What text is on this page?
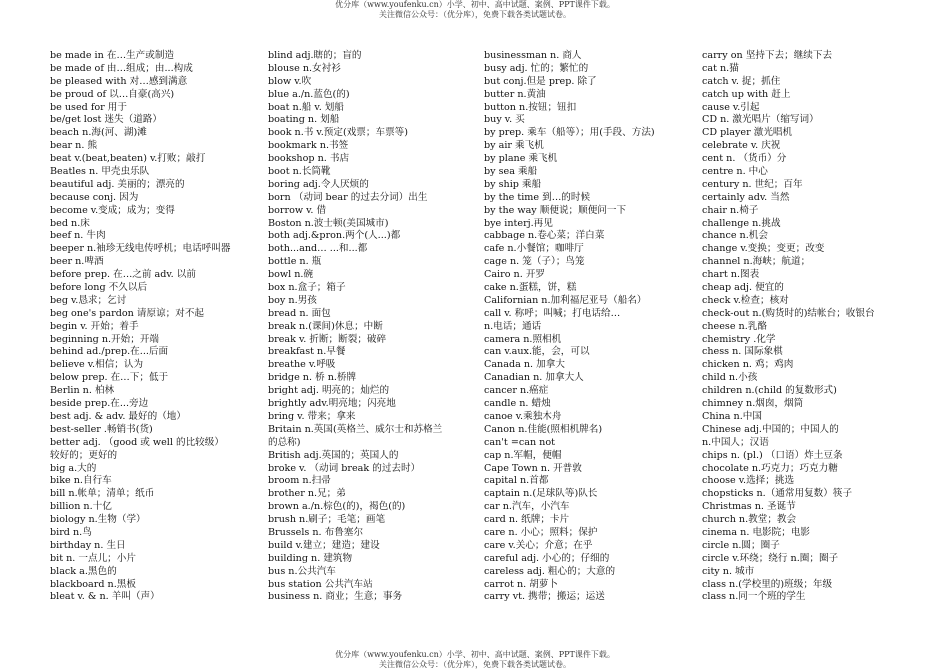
优分库（www.youfenku.cn）小学、初中、高中试题、案例、PPT课件下载。
关注微信公众号：（优分库），免费下载各类试题试卷。
be made in 在…生产或制造
be made of 由…组成；由...构成
be pleased with 对…感到满意
be proud of 以…自豪(高兴)
be used for 用于
be/get lost 迷失（道路）
beach n.海(河、湖)滩
bear n. 熊
beat v.(beat,beaten) v.打败；敲打
Beatles n. 甲壳虫乐队
beautiful adj. 美丽的；漂亮的
because conj. 因为
become v.变成；成为；变得
bed n.床
beef n. 牛肉
beeper n.袖珍无线电传呼机；电话呼叫器
beer n.啤酒
before prep. 在…之前 adv. 以前
before long 不久以后
beg v.恳求；乞讨
beg one's pardon 请原谅；对不起
begin v. 开始；着手
beginning n.开始；开端
behind ad./prep.在...后面
believe v.相信；认为
below prep. 在…下；低于
Berlin n. 柏林
beside prep.在...旁边
best adj. & adv. 最好的（地）
best-seller .畅销书(货)
better adj. （good 或 well 的比较级）
较好的；更好的
big a.大的
bike n.自行车
bill n.帐单；清单；纸币
billion n.十亿
biology n.生物（学）
bird n.鸟
birthday n. 生日
bit n. 一点儿；小片
black a.黑色的
blackboard n.黑板
bleat v. & n. 羊叫（声）
blind adj.瞎的；盲的
blouse n.女衬衫
blow v.吹
blue a./n.蓝色(的)
boat n.船 v. 划船
boating n. 划船
book n.书 v.预定(戏票；车票等)
bookmark n.书签
bookshop n. 书店
boot n.长筒靴
boring adj.令人厌烦的
born （动词 bear 的过去分词）出生
borrow v. 借
Boston n.波士顿(美国城市)
both adj.&pron.两个(人...)都
both...and… ...和...都
bottle n. 瓶
bowl n.碗
box n.盒子；箱子
boy n.男孩
bread n. 面包
break n.(课间)休息；中断
break v. 折断；断裂；破碎
breakfast n.早餐
breathe v.呼吸
bridge n. 桥 n.桥牌
bright adj. 明亮的；灿烂的
brightly adv.明亮地；闪亮地
bring v. 带来；拿来
Britain n.英国(英格兰、威尔士和苏格兰
的总称)
British adj.英国的；英国人的
broke v. （动词 break 的过去时）
broom n.扫帚
brother n.兄；弟
brown a./n.棕色(的)，褐色(的)
brush n.刷子；毛笔；画笔
Brussels n. 布鲁塞尔
build v.建立；建造；建设
building n. 建筑物
bus n.公共汽车
bus station 公共汽车站
business n. 商业；生意；事务
businessman n. 商人
busy adj. 忙的；繁忙的
but conj.但是 prep. 除了
butter n.黄油
button n.按钮；钮扣
buy v. 买
by prep. 乘车（船等）；用(手段、方法)
by air 乘飞机
by plane 乘飞机
by sea 乘船
by ship 乘船
by the time 到…的时候
by the way 顺便说；顺便问一下
bye interj.再见
cabbage n.卷心菜；洋白菜
cafe n.小餐馆；咖啡厅
cage n. 笼（子）；鸟笼
Cairo n. 开罗
cake n.蛋糕，饼，糕
Californian n.加利福尼亚号（船名）
call v. 称呼；叫喊；打电话给…
n.电话；通话
camera n.照相机
can v.aux.能，会，可以
Canada n. 加拿大
Canadian n. 加拿大人
cancer n.癌症
candle n. 蜡烛
canoe v.乘独木舟
Canon n.佳能(照相机牌名)
can't =can not
cap n.军帽，便帽
Cape Town n. 开普敦
capital n.首都
captain n.(足球队等)队长
car n.汽车，小汽车
card n. 纸牌；卡片
care n. 小心；照料；保护
care v.关心；介意；在乎
careful adj. 小心的；仔细的
careless adj. 粗心的；大意的
carrot n. 胡萝卜
carry vt. 携带；搬运；运送
carry on 坚持下去；继续下去
cat n.猫
catch v. 捉；抓住
catch up with 赶上
cause v.引起
CD n. 激光唱片（缩写词）
CD player 激光唱机
celebrate v. 庆祝
cent n. （货币）分
centre n. 中心
century n. 世纪；百年
certainly adv. 当然
chair n.椅子
challenge n.挑战
chance n.机会
change v.变换；变更；改变
channel n.海峡；航道；
chart n.图表
cheap adj. 便宜的
check v.检查；核对
check-out n.(购货时的)结帐台；收银台
cheese n.乳酪
chemistry .化学
chess n. 国际象棋
chicken n. 鸡；鸡肉
child n.小孩
children n.(child 的复数形式)
chimney n.烟囱，烟筒
China n.中国
Chinese adj.中国的；中国人的
n.中国人；汉语
chips n. (pl.) （口语）炸土豆条
chocolate n.巧克力；巧克力糖
choose v.选择；挑选
chopsticks n.（通常用复数）筷子
Christmas n. 圣诞节
church n.教堂；教会
cinema n. 电影院；电影
circle n.圆；圈子
circle v.环绕；绕行 n.圈；圈子
city n. 城市
class n.(学校里的)班级；年级
class n.同一个班的学生
优分库（www.youfenku.cn）小学、初中、高中试题、案例、PPT课件下载。
关注微信公众号：（优分库），免费下载各类试题试卷。
